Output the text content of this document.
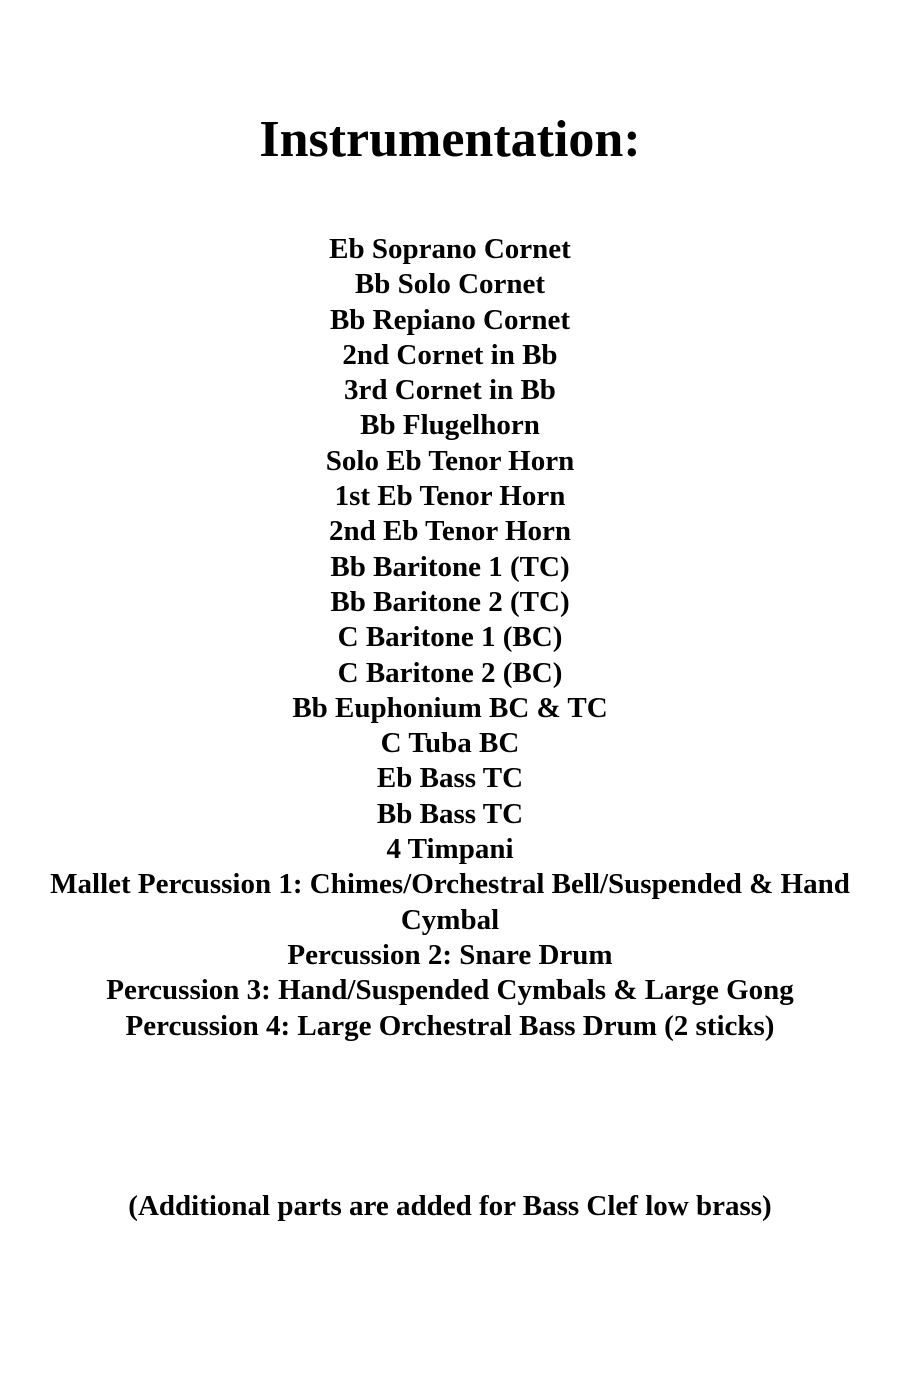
Instrumentation:
Eb Soprano Cornet
Bb Solo Cornet
Bb Repiano Cornet
2nd Cornet in Bb
3rd Cornet in Bb
Bb Flugelhorn
Solo Eb Tenor Horn
1st Eb Tenor Horn
2nd Eb Tenor Horn
Bb Baritone 1 (TC)
Bb Baritone 2 (TC)
C Baritone 1 (BC)
C Baritone 2 (BC)
Bb Euphonium BC & TC
C Tuba BC
Eb Bass TC
Bb Bass TC
4 Timpani
Mallet Percussion 1: Chimes/Orchestral Bell/Suspended & Hand Cymbal
Percussion 2: Snare Drum
Percussion 3: Hand/Suspended Cymbals & Large Gong
Percussion 4: Large Orchestral Bass Drum (2 sticks)

(Additional parts are added for Bass Clef low brass)
